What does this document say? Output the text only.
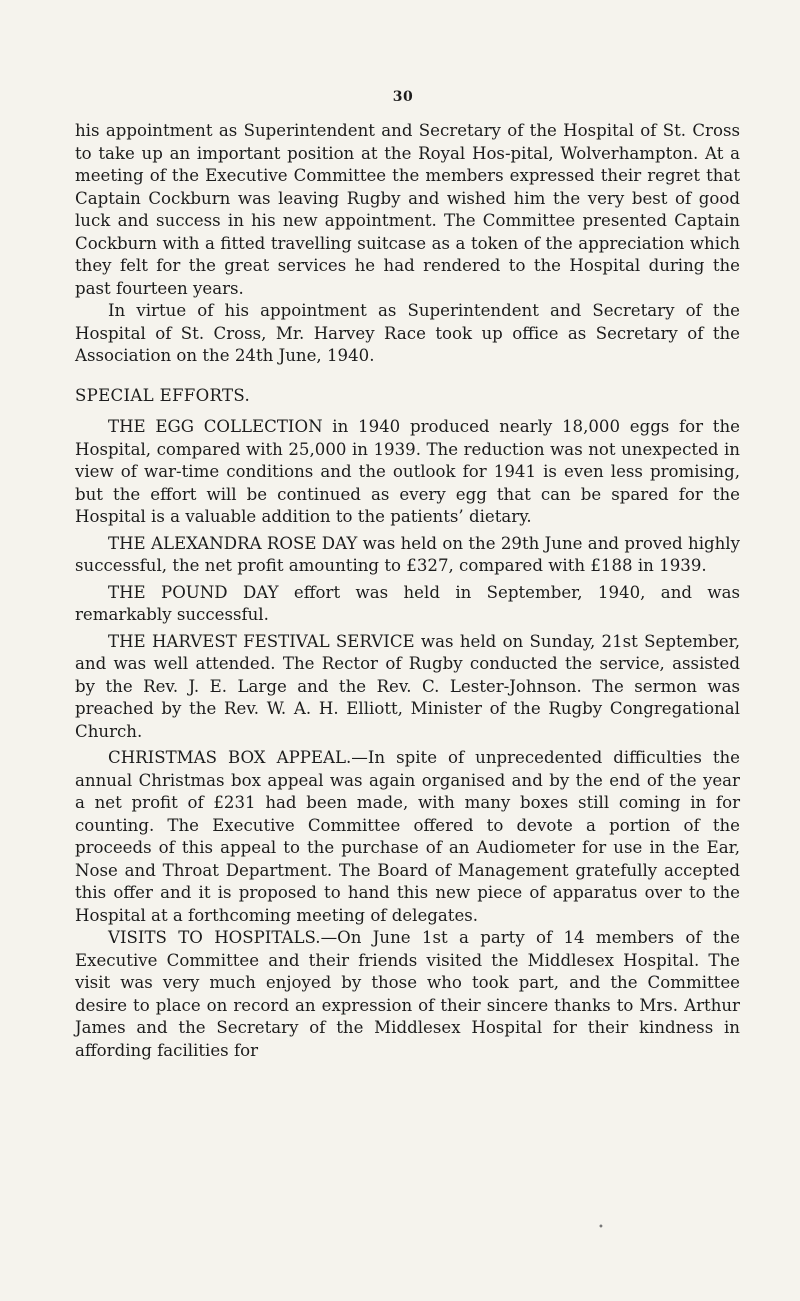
30

his appointment as Superintendent and Secretary of the Hospital of St. Cross to take up an important position at the Royal Hos-pital, Wolverhampton. At a meeting of the Executive Committee the members expressed their regret that Captain Cockburn was leaving Rugby and wished him the very best of good luck and success in his new appointment. The Committee presented Captain Cockburn with a fitted travelling suitcase as a token of the appreciation which they felt for the great services he had rendered to the Hospital during the past fourteen years.

In virtue of his appointment as Superintendent and Secretary of the Hospital of St. Cross, Mr. Harvey Race took up office as Secretary of the Association on the 24th June, 1940.

SPECIAL EFFORTS.

THE EGG COLLECTION in 1940 produced nearly 18,000 eggs for the Hospital, compared with 25,000 in 1939. The reduction was not unexpected in view of war-time conditions and the outlook for 1941 is even less promising, but the effort will be continued as every egg that can be spared for the Hospital is a valuable addition to the patients’ dietary.

THE ALEXANDRA ROSE DAY was held on the 29th June and proved highly successful, the net profit amounting to £327, compared with £188 in 1939.

THE POUND DAY effort was held in September, 1940, and was remarkably successful.

THE HARVEST FESTIVAL SERVICE was held on Sunday, 21st September, and was well attended. The Rector of Rugby conducted the service, assisted by the Rev. J. E. Large and the Rev. C. Lester-Johnson. The sermon was preached by the Rev. W. A. H. Elliott, Minister of the Rugby Congregational Church.

CHRISTMAS BOX APPEAL.—In spite of unprecedented difficulties the annual Christmas box appeal was again organised and by the end of the year a net profit of £231 had been made, with many boxes still coming in for counting. The Executive Committee offered to devote a portion of the proceeds of this appeal to the purchase of an Audiometer for use in the Ear, Nose and Throat Department. The Board of Management gratefully accepted this offer and it is proposed to hand this new piece of apparatus over to the Hospital at a forthcoming meeting of delegates.

VISITS TO HOSPITALS.—On June 1st a party of 14 members of the Executive Committee and their friends visited the Middlesex Hospital. The visit was very much enjoyed by those who took part, and the Committee desire to place on record an expression of their sincere thanks to Mrs. Arthur James and the Secretary of the Middlesex Hospital for their kindness in affording facilities for

•
